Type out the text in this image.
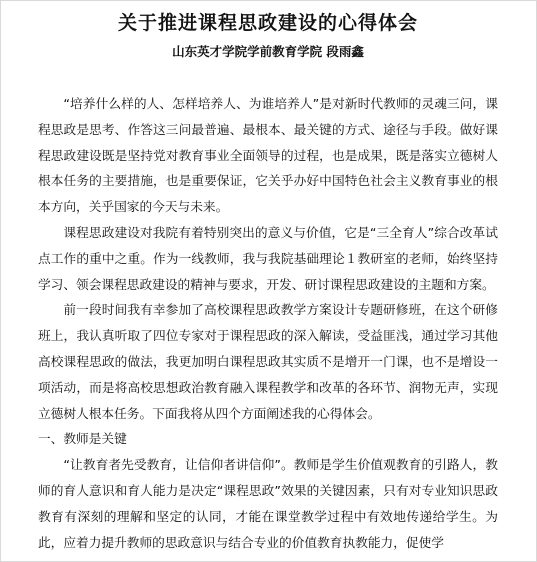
关于推进课程思政建设的心得体会
山东英才学院学前教育学院 段雨鑫

“培养什么样的人、怎样培养人、为谁培养人”是对新时代教师的灵魂三问，课程思政是思考、作答这三问最普遍、最根本、最关键的方式、途径与手段。做好课程思政建设既是坚持党对教育事业全面领导的过程，也是成果，既是落实立德树人根本任务的主要措施，也是重要保证，它关乎办好中国特色社会主义教育事业的根本方向，关乎国家的今天与未来。

课程思政建设对我院有着特别突出的意义与价值，它是“三全育人”综合改革试点工作的重中之重。作为一线教师，我与我院基础理论１教研室的老师，始终坚持学习、领会课程思政建设的精神与要求，开发、研讨课程思政建设的主题和方案。

前一段时间我有幸参加了高校课程思政教学方案设计专题研修班，在这个研修班上，我认真听取了四位专家对于课程思政的深入解读，受益匪浅，通过学习其他高校课程思政的做法，我更加明白课程思政其实质不是增开一门课，也不是增设一项活动，而是将高校思想政治教育融入课程教学和改革的各环节、润物无声，实现立德树人根本任务。下面我将从四个方面阐述我的心得体会。

一、教师是关键

“让教育者先受教育，让信仰者讲信仰”。教师是学生价值观教育的引路人，教师的育人意识和育人能力是决定“课程思政”效果的关键因素，只有对专业知识思政教育有深刻的理解和坚定的认同，才能在课堂教学过程中有效地传递给学生。为此，应着力提升教师的思政意识与结合专业的价值教育执教能力，促使学
